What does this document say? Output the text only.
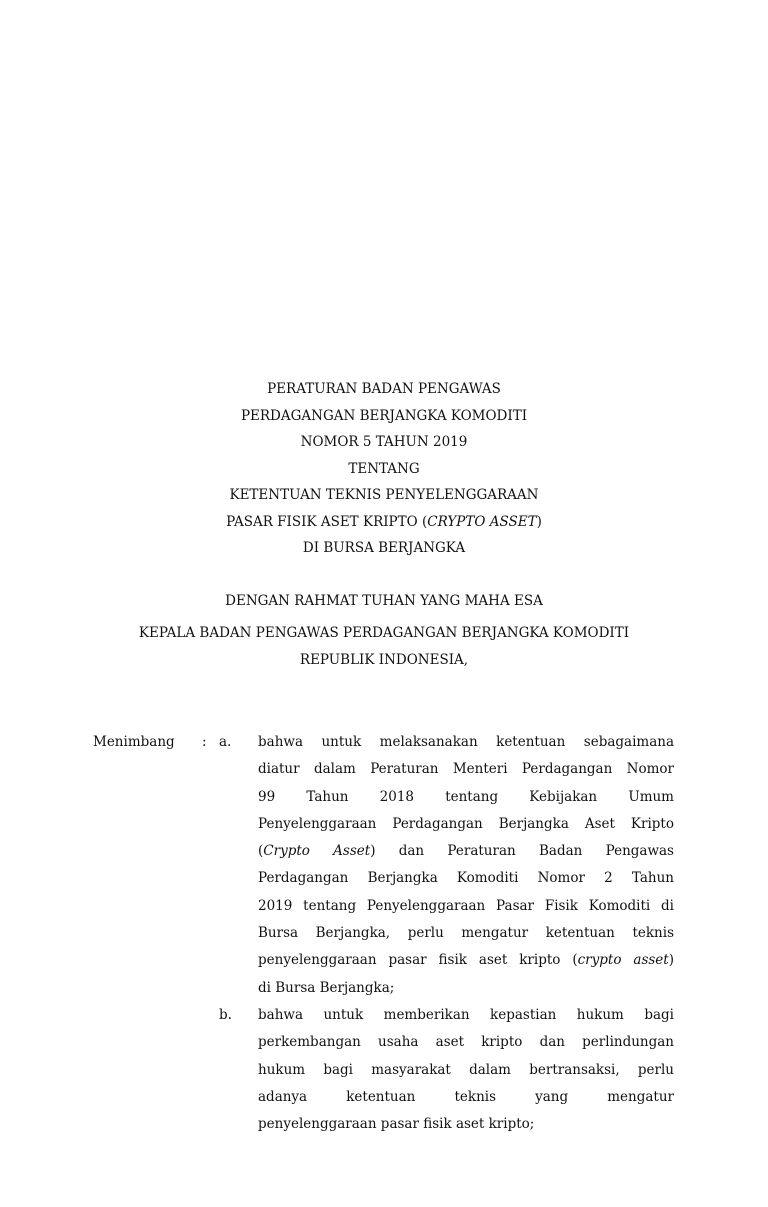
PERATURAN BADAN PENGAWAS
PERDAGANGAN BERJANGKA KOMODITI
NOMOR 5 TAHUN 2019
TENTANG
KETENTUAN TEKNIS PENYELENGGARAAN
PASAR FISIK ASET KRIPTO (CRYPTO ASSET)
DI BURSA BERJANGKA
DENGAN RAHMAT TUHAN YANG MAHA ESA
KEPALA BADAN PENGAWAS PERDAGANGAN BERJANGKA KOMODITI
REPUBLIK INDONESIA,
Menimbang : a.	bahwa untuk melaksanakan ketentuan sebagaimana
diatur dalam Peraturan Menteri Perdagangan Nomor
99 Tahun 2018 tentang Kebijakan Umum
Penyelenggaraan Perdagangan Berjangka Aset Kripto
(Crypto Asset) dan Peraturan Badan Pengawas
Perdagangan Berjangka Komoditi Nomor 2 Tahun
2019 tentang Penyelenggaraan Pasar Fisik Komoditi di
Bursa Berjangka, perlu mengatur ketentuan teknis
penyelenggaraan pasar fisik aset kripto (crypto asset)
di Bursa Berjangka;
b.	bahwa untuk memberikan kepastian hukum bagi
perkembangan usaha aset kripto dan perlindungan
hukum bagi masyarakat dalam bertransaksi, perlu
adanya ketentuan teknis yang mengatur
penyelenggaraan pasar fisik aset kripto;
